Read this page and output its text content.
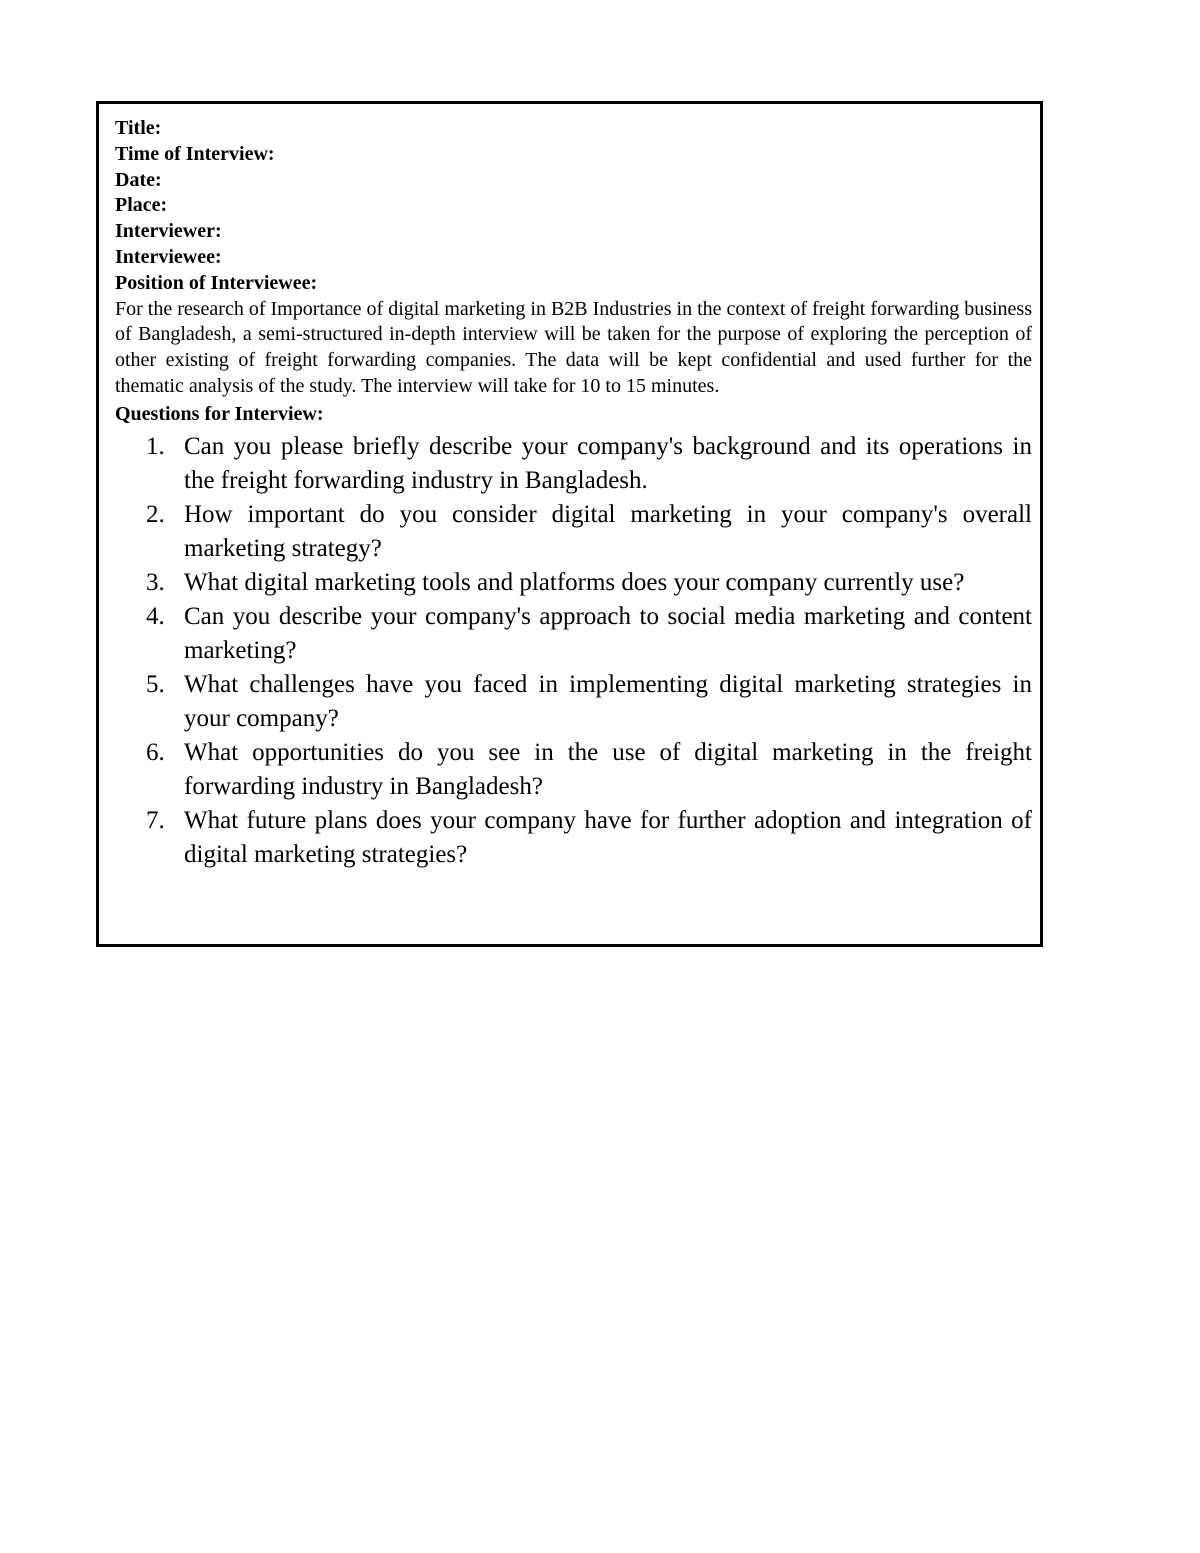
Title:
Time of Interview:
Date:
Place:
Interviewer:
Interviewee:
Position of Interviewee:

For the research of Importance of digital marketing in B2B Industries in the context of freight forwarding business of Bangladesh, a semi-structured in-depth interview will be taken for the purpose of exploring the perception of other existing of freight forwarding companies. The data will be kept confidential and used further for the thematic analysis of the study. The interview will take for 10 to 15 minutes.

Questions for Interview:
1. Can you please briefly describe your company's background and its operations in the freight forwarding industry in Bangladesh.
2. How important do you consider digital marketing in your company's overall marketing strategy?
3. What digital marketing tools and platforms does your company currently use?
4. Can you describe your company's approach to social media marketing and content marketing?
5. What challenges have you faced in implementing digital marketing strategies in your company?
6. What opportunities do you see in the use of digital marketing in the freight forwarding industry in Bangladesh?
7. What future plans does your company have for further adoption and integration of digital marketing strategies?
